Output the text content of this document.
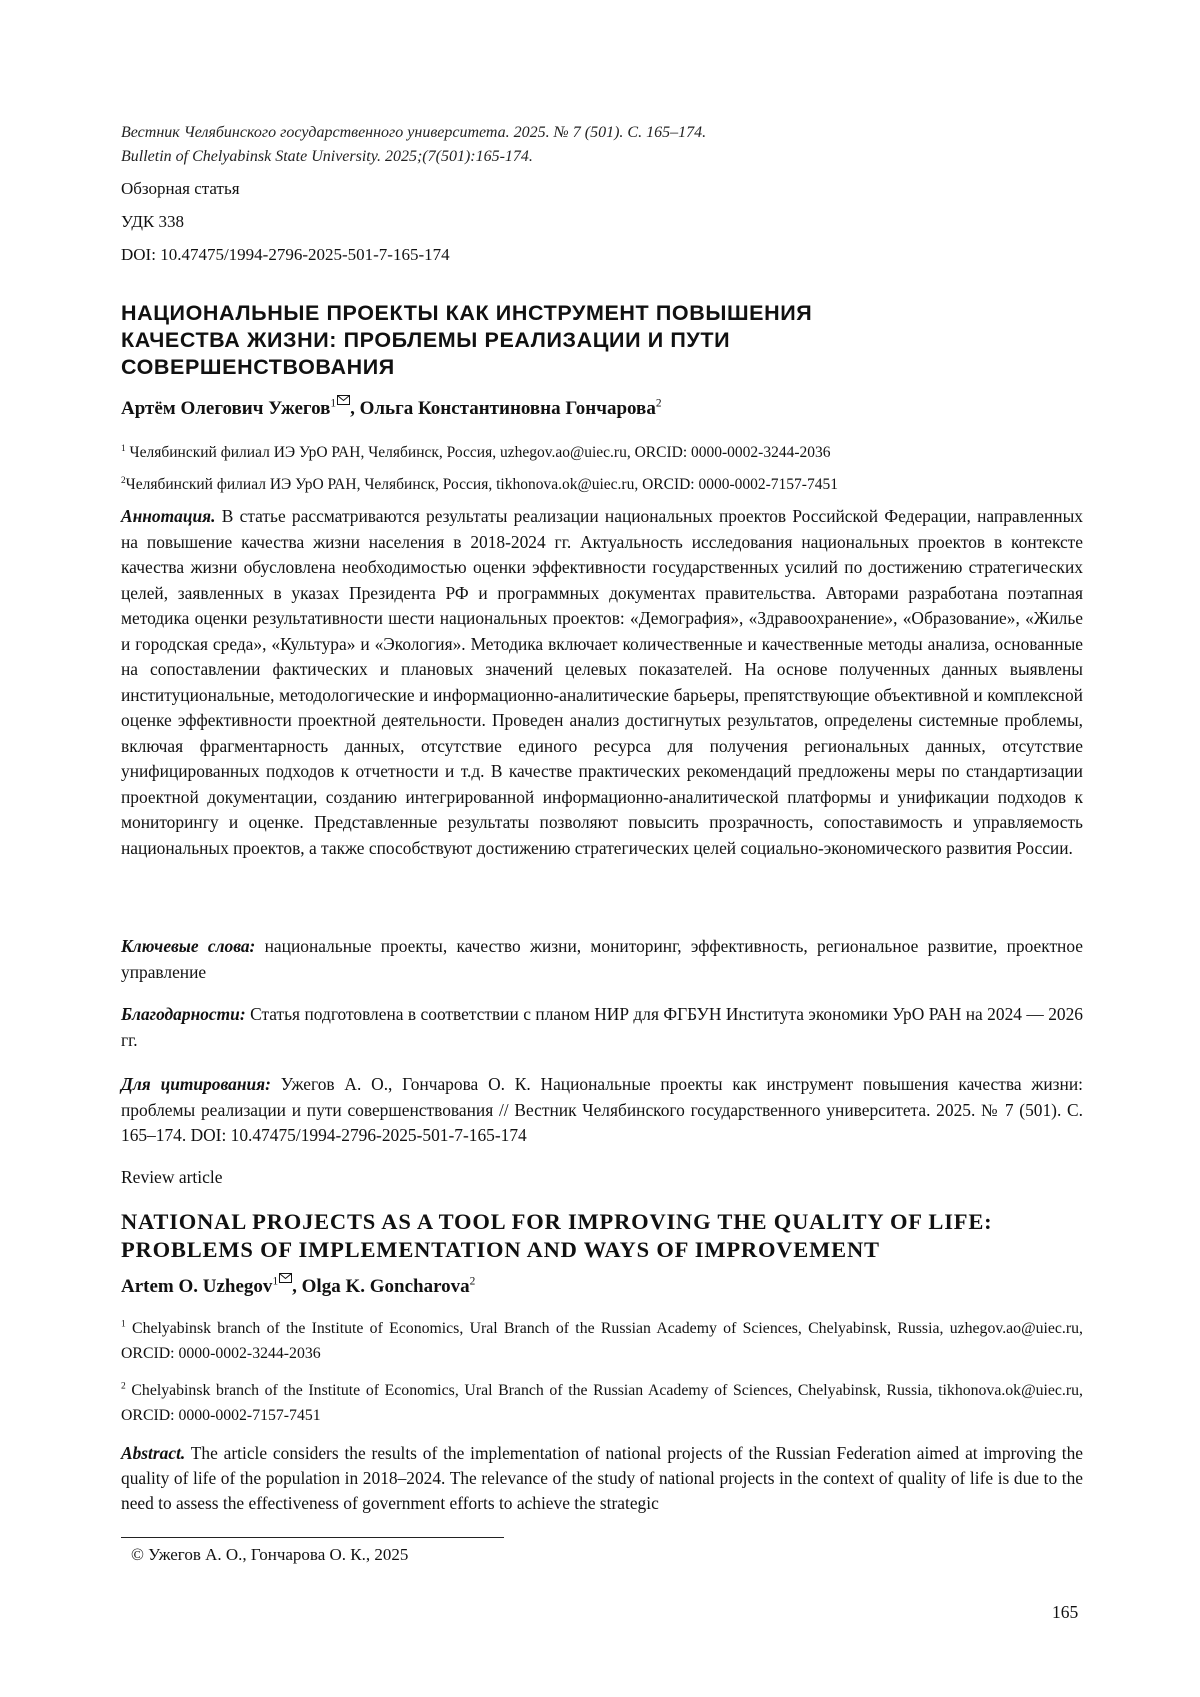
Вестник Челябинского государственного университета. 2025. № 7 (501). С. 165–174.
Bulletin of Chelyabinsk State University. 2025;(7(501):165-174.
Обзорная статья
УДК 338
DOI: 10.47475/1994-2796-2025-501-7-165-174
НАЦИОНАЛЬНЫЕ ПРОЕКТЫ КАК ИНСТРУМЕНТ ПОВЫШЕНИЯ
КАЧЕСТВА ЖИЗНИ: ПРОБЛЕМЫ РЕАЛИЗАЦИИ И ПУТИ
СОВЕРШЕНСТВОВАНИЯ
Артём Олегович Ужегов$^1$ , Ольга Константиновна Гончарова$^2$
$^1$ Челябинский филиал ИЭ УрО РАН, Челябинск, Россия, uzhegov.ao@uiec.ru, ORCID: 0000-0002-3244-2036
$^2$Челябинский филиал ИЭ УрО РАН, Челябинск, Россия, tikhonova.ok@uiec.ru, ORCID: 0000-0002-7157-7451
Аннотация. В статье рассматриваются результаты реализации национальных проектов Российской Федерации, направленных на повышение качества жизни населения в 2018-2024 гг. Актуальность исследования национальных проектов в контексте качества жизни обусловлена необходимостью оценки эффективности государственных усилий по достижению стратегических целей, заявленных в указах Президента РФ и программных документах правительства. Авторами разработана поэтапная методика оценки результативности шести национальных проектов: «Демография», «Здравоохранение», «Образование», «Жилье и городская среда», «Культура» и «Экология». Методика включает количественные и качественные методы анализа, основанные на сопоставлении фактических и плановых значений целевых показателей. На основе полученных данных выявлены институциональные, методологические и информационно-аналитические барьеры, препятствующие объективной и комплексной оценке эффективности проектной деятельности. Проведен анализ достигнутых результатов, определены системные проблемы, включая фрагментарность данных, отсутствие единого ресурса для получения региональных данных, отсутствие унифицированных подходов к отчетности и т.д. В качестве практических рекомендаций предложены меры по стандартизации проектной документации, созданию интегрированной информационно-аналитической платформы и унификации подходов к мониторингу и оценке. Представленные результаты позволяют повысить прозрачность, сопоставимость и управляемость национальных проектов, а также способствуют достижению стратегических целей социально-экономического развития России.
Ключевые слова: национальные проекты, качество жизни, мониторинг, эффективность, региональное развитие, проектное управление
Благодарности: Статья подготовлена в соответствии с планом НИР для ФГБУН Института экономики УрО РАН на 2024 — 2026 гг.
Для цитирования: Ужегов А. О., Гончарова О. К. Национальные проекты как инструмент повышения качества жизни: проблемы реализации и пути совершенствования // Вестник Челябинского государственного университета. 2025. № 7 (501). С. 165–174. DOI: 10.47475/1994-2796-2025-501-7-165-174
Review article
NATIONAL PROJECTS AS A TOOL FOR IMPROVING THE QUALITY OF LIFE:
PROBLEMS OF IMPLEMENTATION AND WAYS OF IMPROVEMENT
Artem O. Uzhegov$^1$ , Olga K. Goncharova$^2$
$^1$ Chelyabinsk branch of the Institute of Economics, Ural Branch of the Russian Academy of Sciences, Chelyabinsk, Russia, uzhegov.ao@uiec.ru, ORCID: 0000-0002-3244-2036
$^2$ Chelyabinsk branch of the Institute of Economics, Ural Branch of the Russian Academy of Sciences, Chelyabinsk, Russia, tikhonova.ok@uiec.ru, ORCID: 0000-0002-7157-7451
Abstract. The article considers the results of the implementation of national projects of the Russian Federation aimed at improving the quality of life of the population in 2018–2024. The relevance of the study of national projects in the context of quality of life is due to the need to assess the effectiveness of government efforts to achieve the strategic
© Ужегов А. О., Гончарова О. К., 2025
165
